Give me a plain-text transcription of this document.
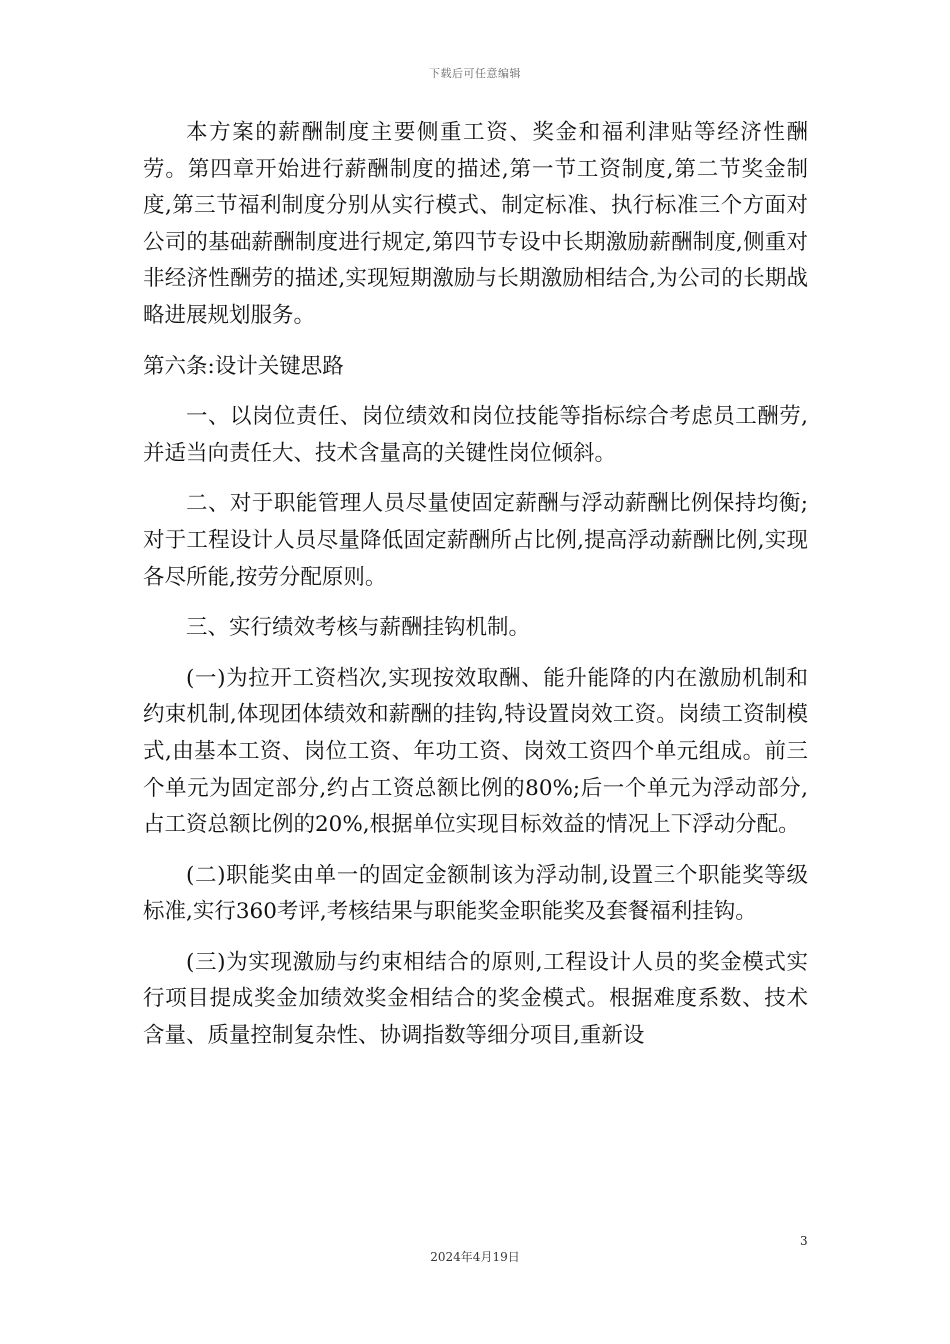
下载后可任意编辑

本方案的薪酬制度主要侧重工资、奖金和福利津贴等经济性酬劳。第四章开始进行薪酬制度的描述,第一节工资制度,第二节奖金制度,第三节福利制度分别从实行模式、制定标准、执行标准三个方面对公司的基础薪酬制度进行规定,第四节专设中长期激励薪酬制度,侧重对非经济性酬劳的描述,实现短期激励与长期激励相结合,为公司的长期战略进展规划服务。

第六条:设计关键思路

一、以岗位责任、岗位绩效和岗位技能等指标综合考虑员工酬劳,并适当向责任大、技术含量高的关键性岗位倾斜。

二、对于职能管理人员尽量使固定薪酬与浮动薪酬比例保持均衡;对于工程设计人员尽量降低固定薪酬所占比例,提高浮动薪酬比例,实现各尽所能,按劳分配原则。

三、实行绩效考核与薪酬挂钩机制。

(一)为拉开工资档次,实现按效取酬、能升能降的内在激励机制和约束机制,体现团体绩效和薪酬的挂钩,特设置岗效工资。岗绩工资制模式,由基本工资、岗位工资、年功工资、岗效工资四个单元组成。前三个单元为固定部分,约占工资总额比例的80%;后一个单元为浮动部分,占工资总额比例的20%,根据单位实现目标效益的情况上下浮动分配。

(二)职能奖由单一的固定金额制该为浮动制,设置三个职能奖等级标准,实行360考评,考核结果与职能奖金职能奖及套餐福利挂钩。

(三)为实现激励与约束相结合的原则,工程设计人员的奖金模式实行项目提成奖金加绩效奖金相结合的奖金模式。根据难度系数、技术含量、质量控制复杂性、协调指数等细分项目,重新设

3
2024年4月19日
